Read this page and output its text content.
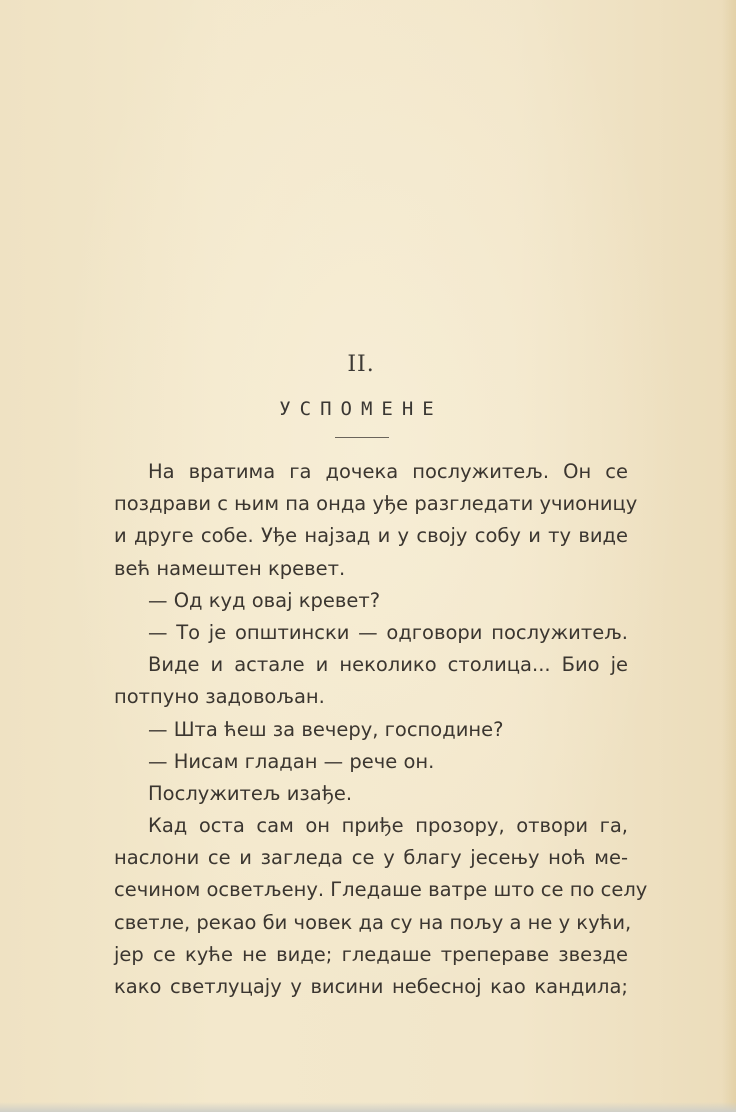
II.
УСПОМЕНЕ
На вратима га дочека послужитељ. Он се
поздрави с њим па онда уђе разгледати учионицу
и друге собе. Уђе најзад и у своју собу и ту виде
већ намештен кревет.
— Од куд овај кревет?
— То је општински — одговори послужитељ.
Виде и астале и неколико столица... Био је
потпуно задовољан.
— Шта ћеш за вечеру, господине?
— Нисам гладан — рече он.
Послужитељ изађе.
Кад оста сам он приђе прозору, отвори га,
наслони се и загледа се у благу јесењу ноћ ме-
сечином осветљену. Гледаше ватре што се по селу
светле, рекао би човек да су на пољу а не у кући,
јер се куће не виде; гледаше трепераве звезде
како светлуцају у висини небесној као кандила;
